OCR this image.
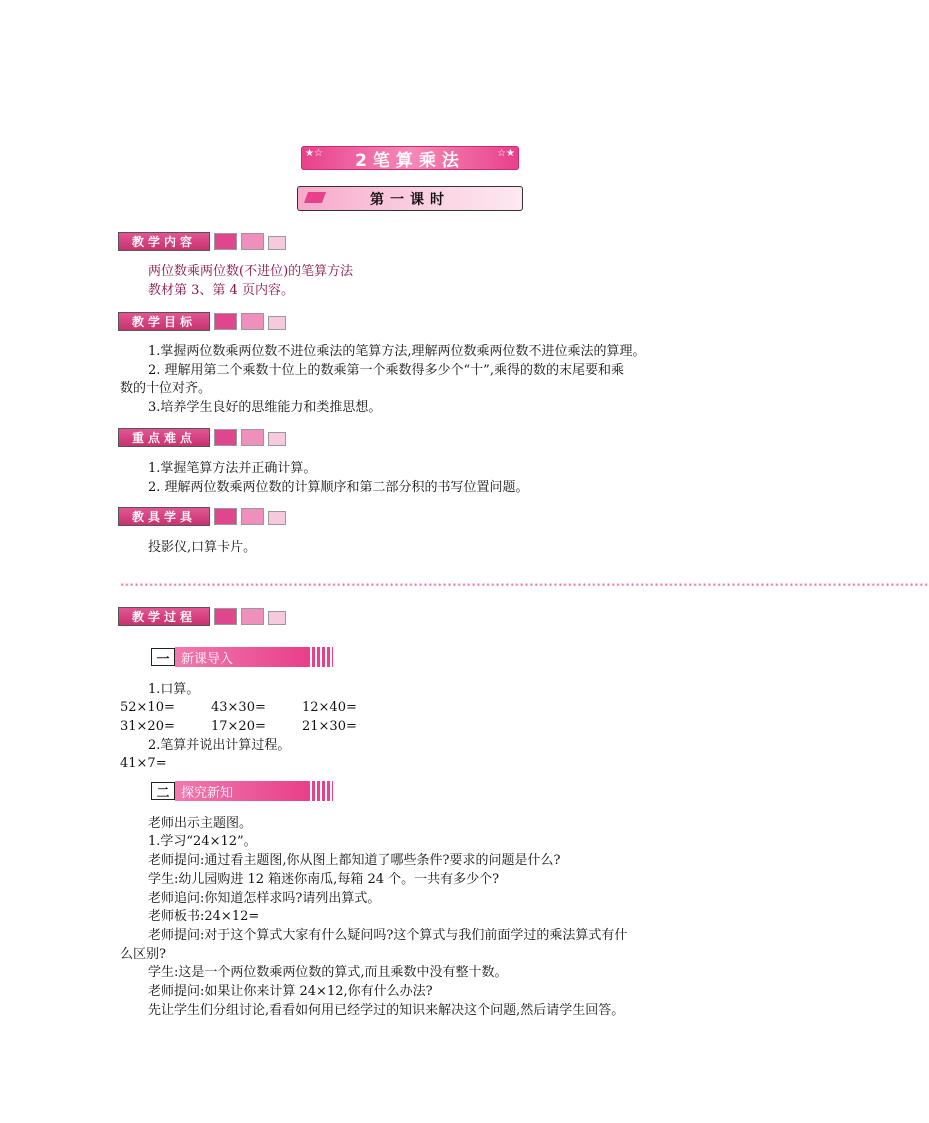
★☆ 2笔算乘法	☆★
第一课时
教学内容
两位数乘两位数(不进位)的笔算方法
教材第 3、第 4 页内容。
教学目标
1.掌握两位数乘两位数不进位乘法的笔算方法,理解两位数乘两位数不进位乘法的算理。
2. 理解用第二个乘数十位上的数乘第一个乘数得多少个“十”,乘得的数的末尾要和乘
数的十位对齐。
3.培养学生良好的思维能力和类推思想。
重点难点
1.掌握笔算方法并正确计算。
2. 理解两位数乘两位数的计算顺序和第二部分积的书写位置问题。
教具学具
投影仪,口算卡片。
************************************************************************************************************************************************************************
教学过程
一 新课导入
1.口算。
52×10=	43×30=	12×40=
31×20=	17×20=	21×30=
2.笔算并说出计算过程。
41×7=
二 探究新知
老师出示主题图。
1.学习“24×12”。
老师提问:通过看主题图,你从图上都知道了哪些条件?要求的问题是什么?
学生:幼儿园购进 12 箱迷你南瓜,每箱 24 个。一共有多少个?
老师追问:你知道怎样求吗?请列出算式。
老师板书:24×12=
老师提问:对于这个算式大家有什么疑问吗?这个算式与我们前面学过的乘法算式有什
么区别?
学生:这是一个两位数乘两位数的算式,而且乘数中没有整十数。
老师提问:如果让你来计算 24×12,你有什么办法?
先让学生们分组讨论,看看如何用已经学过的知识来解决这个问题,然后请学生回答。
